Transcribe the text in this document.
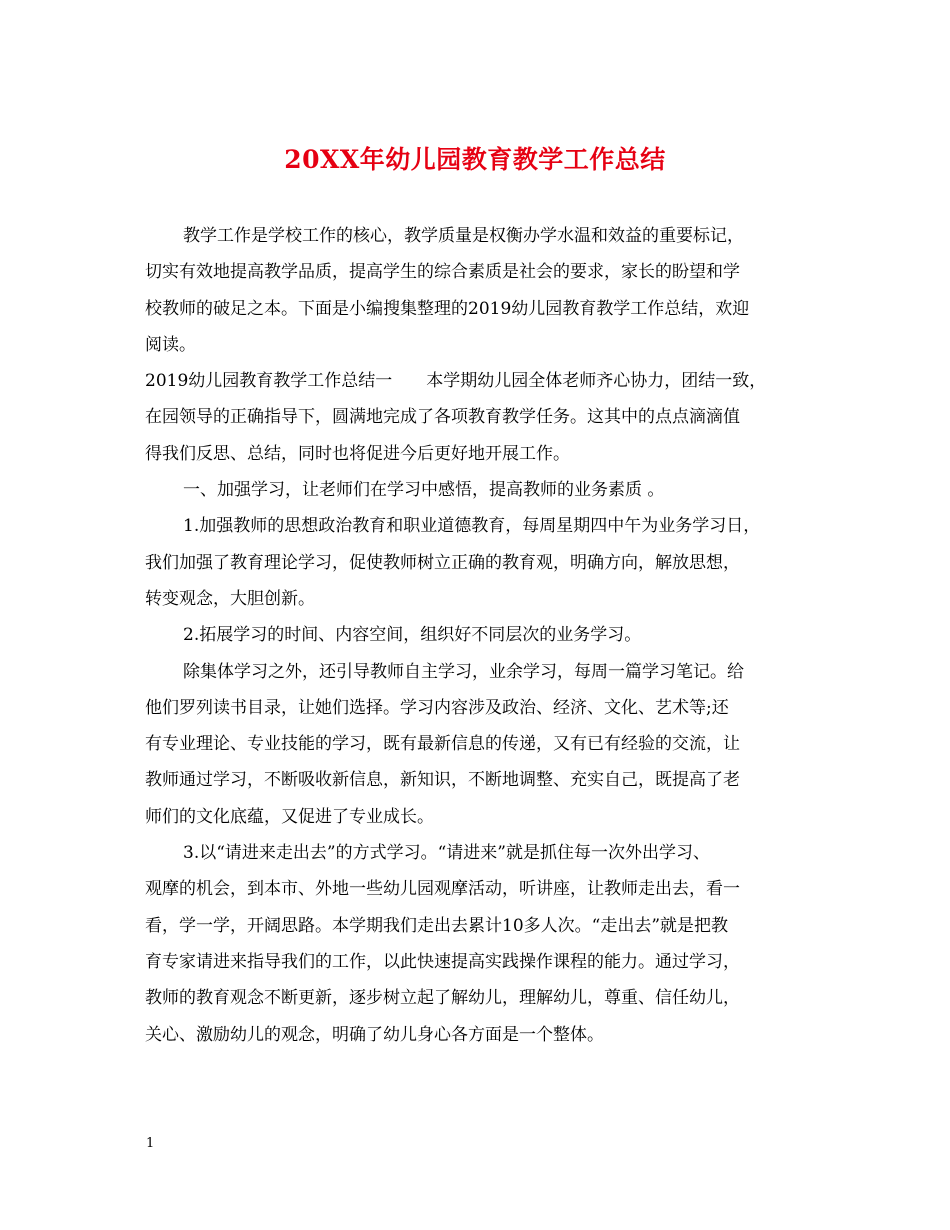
20XX年幼儿园教育教学工作总结
教学工作是学校工作的核心，教学质量是权衡办学水温和效益的重要标记，
切实有效地提高教学品质，提高学生的综合素质是社会的要求，家长的盼望和学
校教师的破足之本。下面是小编搜集整理的2019幼儿园教育教学工作总结，欢迎
阅读。
2019幼儿园教育教学工作总结一　　本学期幼儿园全体老师齐心协力，团结一致，
在园领导的正确指导下，圆满地完成了各项教育教学任务。这其中的点点滴滴值
得我们反思、总结，同时也将促进今后更好地开展工作。
一、加强学习，让老师们在学习中感悟，提高教师的业务素质 。
1.加强教师的思想政治教育和职业道德教育，每周星期四中午为业务学习日，
我们加强了教育理论学习，促使教师树立正确的教育观，明确方向，解放思想，
转变观念，大胆创新。
2.拓展学习的时间、内容空间，组织好不同层次的业务学习。
除集体学习之外，还引导教师自主学习，业余学习，每周一篇学习笔记。给
他们罗列读书目录，让她们选择。学习内容涉及政治、经济、文化、艺术等;还
有专业理论、专业技能的学习，既有最新信息的传递，又有已有经验的交流，让
教师通过学习，不断吸收新信息，新知识，不断地调整、充实自己，既提高了老
师们的文化底蕴，又促进了专业成长。
3.以“请进来走出去”的方式学习。“请进来”就是抓住每一次外出学习、
观摩的机会，到本市、外地一些幼儿园观摩活动，听讲座，让教师走出去，看一
看，学一学，开阔思路。本学期我们走出去累计10多人次。“走出去”就是把教
育专家请进来指导我们的工作，以此快速提高实践操作课程的能力。通过学习，
教师的教育观念不断更新，逐步树立起了解幼儿，理解幼儿，尊重、信任幼儿，
关心、激励幼儿的观念，明确了幼儿身心各方面是一个整体。
1
